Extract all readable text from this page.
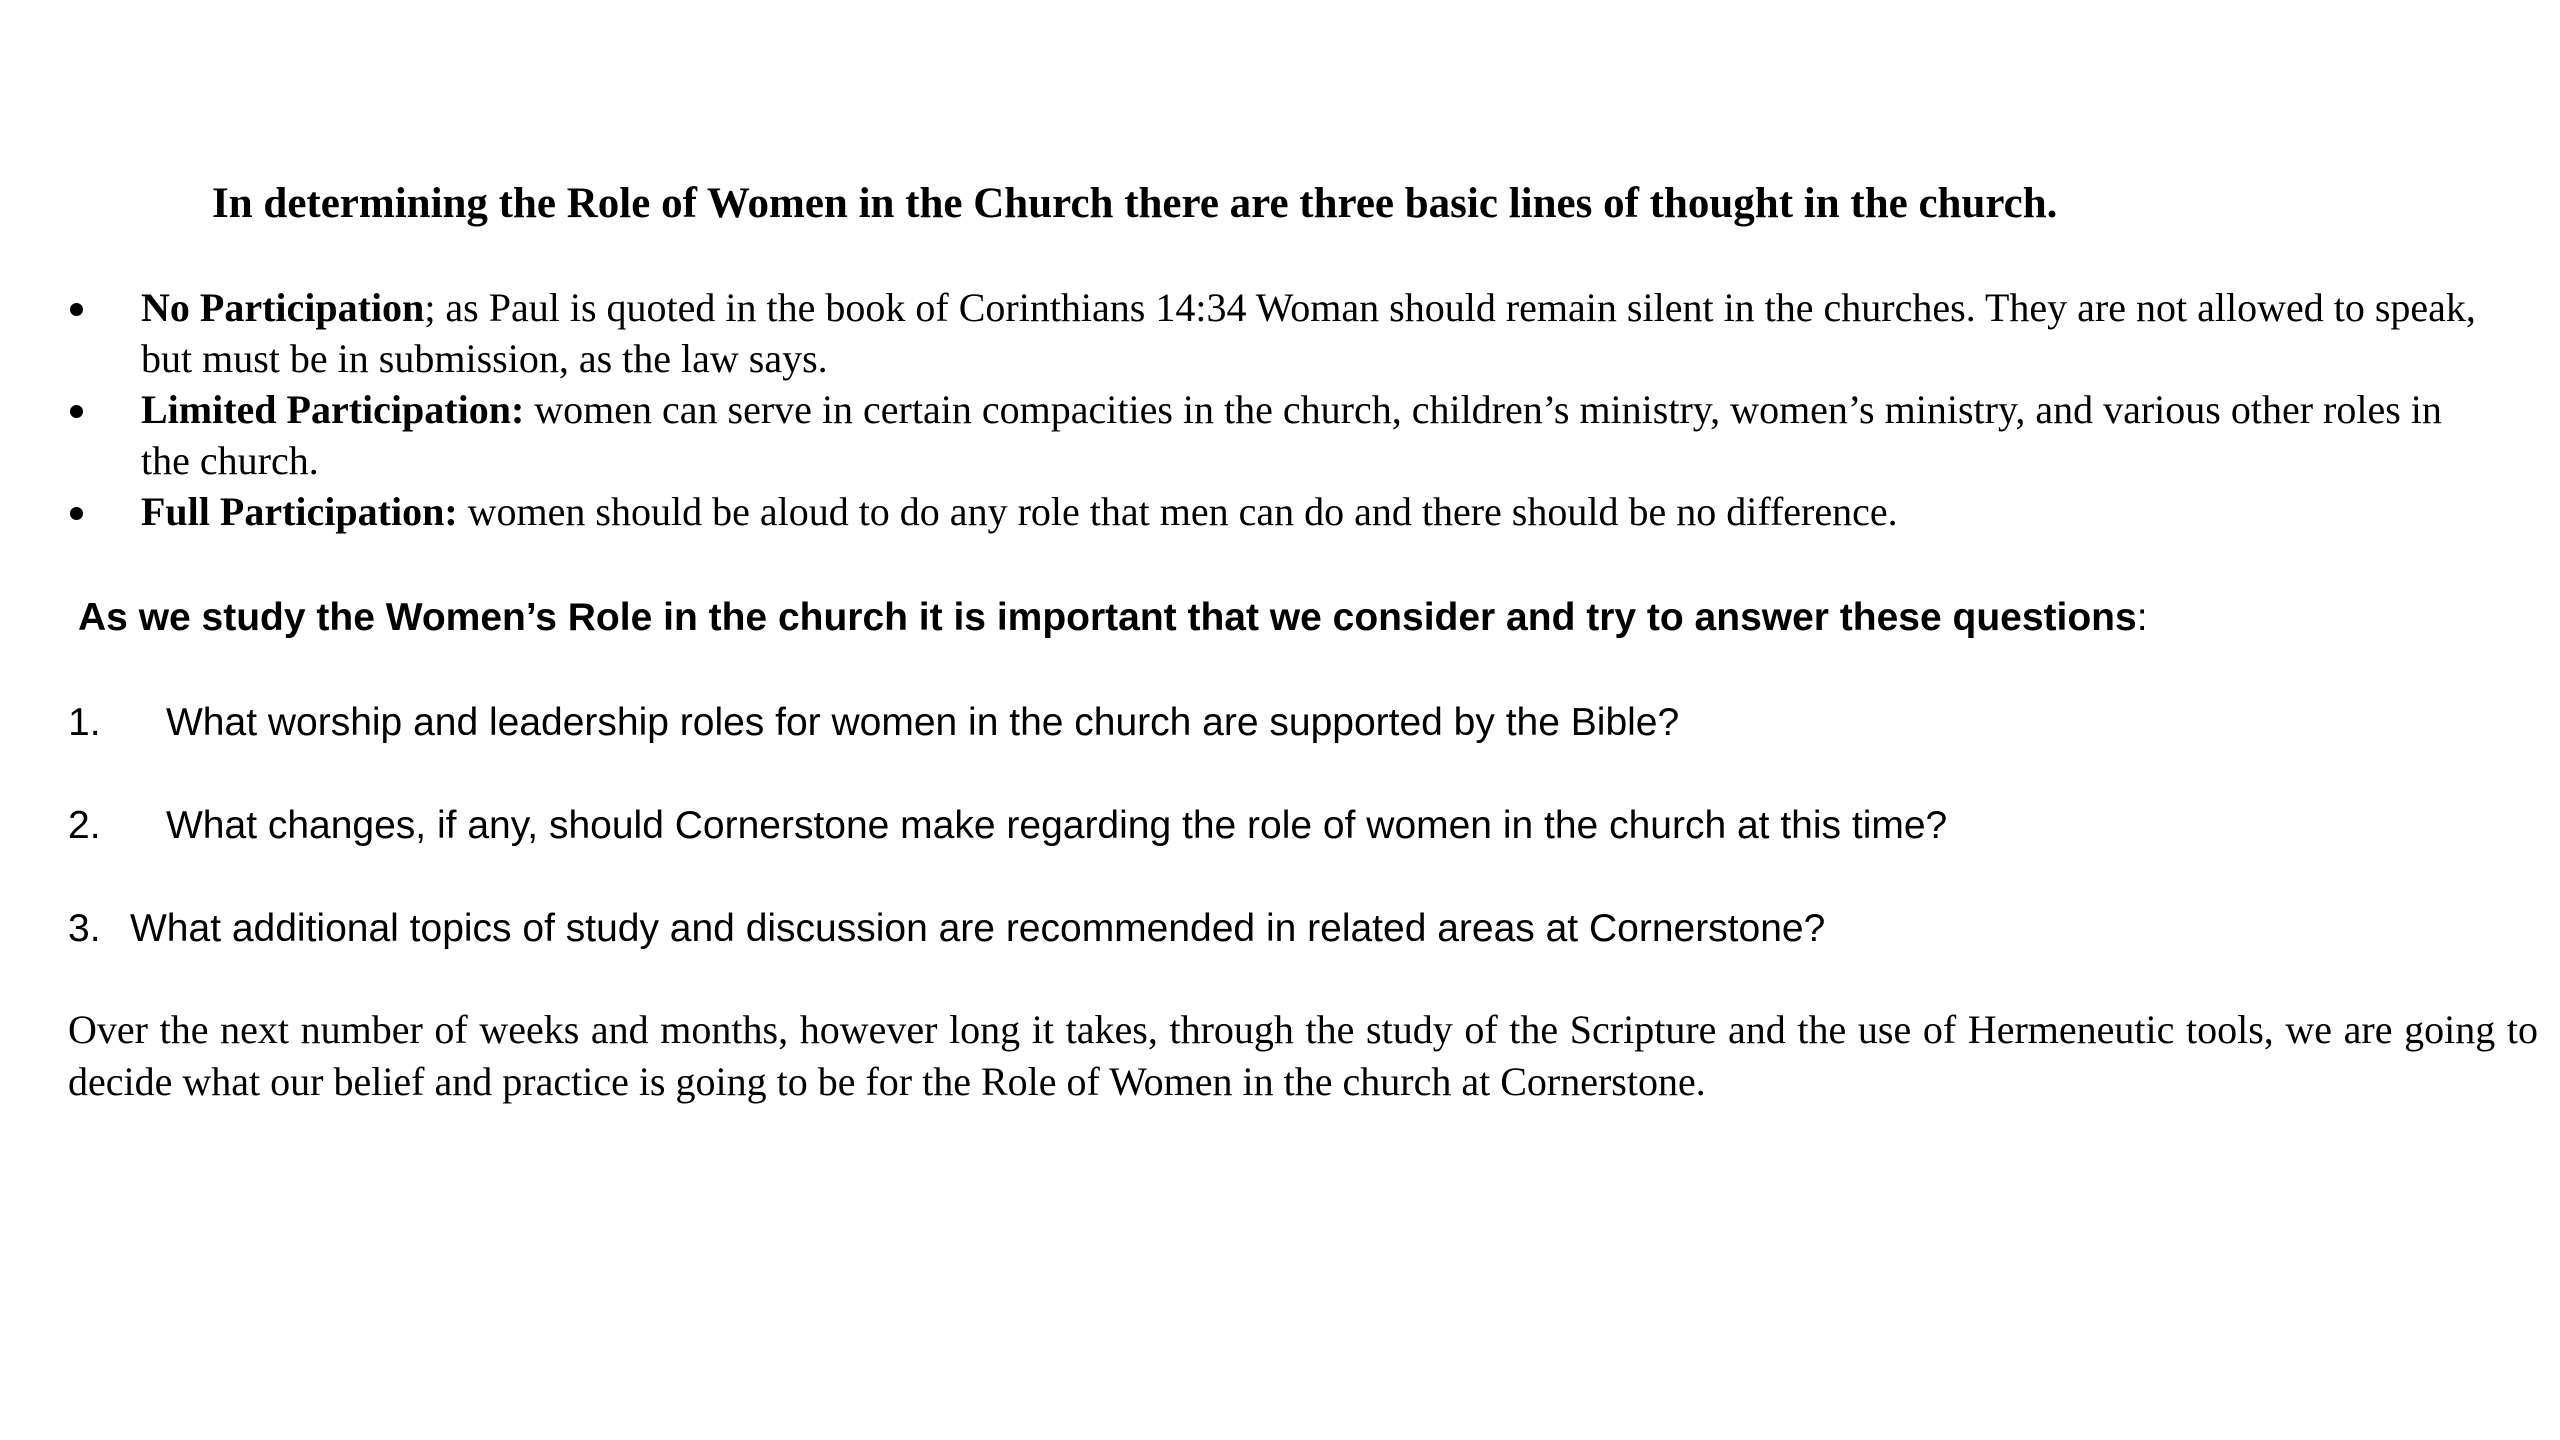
In determining the Role of Women in the Church there are three basic lines of thought in the church.
No Participation; as Paul is quoted in the book of Corinthians 14:34 Woman should remain silent in the churches. They are not allowed to speak, but must be in submission, as the law says.
Limited Participation: women can serve in certain compacities in the church, children’s ministry, women’s ministry, and various other roles in the church.
Full Participation: women should be aloud to do any role that men can do and there should be no difference.
As we study the Women’s Role in the church it is important that we consider and try to answer these questions:
1. What worship and leadership roles for women in the church are supported by the Bible?
2. What changes, if any, should Cornerstone make regarding the role of women in the church at this time?
3. What additional topics of study and discussion are recommended in related areas at Cornerstone?
Over the next number of weeks and months, however long it takes, through the study of the Scripture and the use of Hermeneutic tools, we are going to decide what our belief and practice is going to be for the Role of Women in the church at Cornerstone.
